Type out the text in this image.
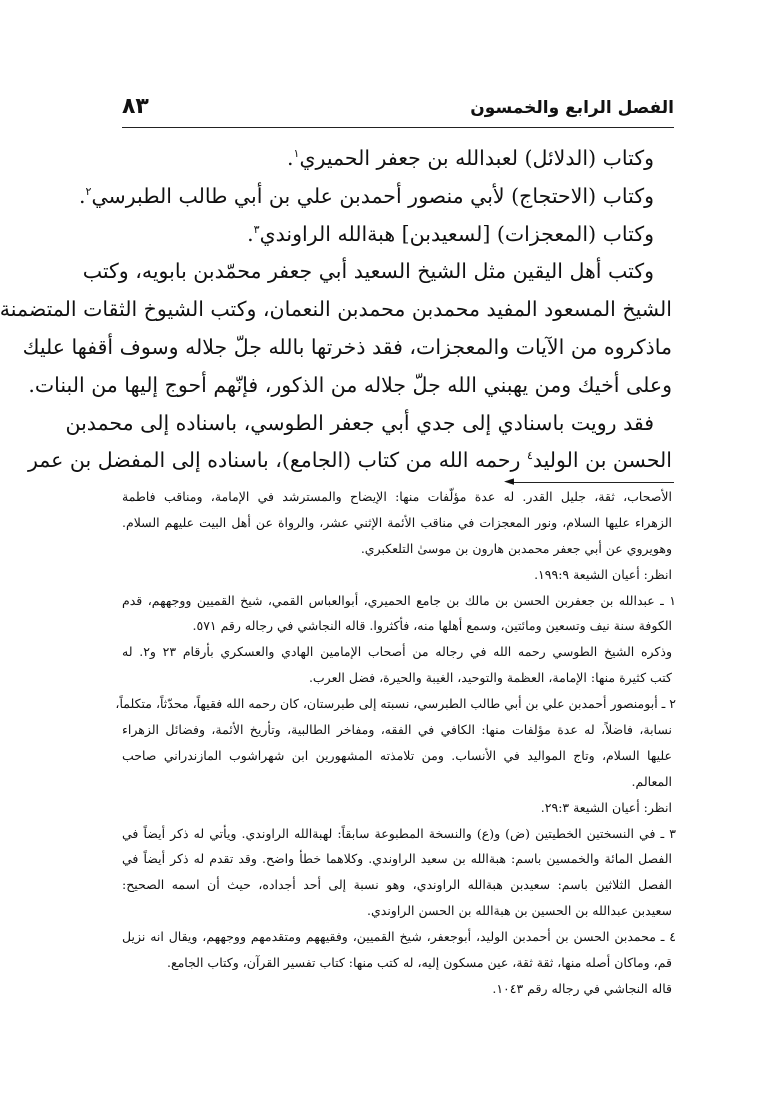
الفصل الرابع والخمسون
٨٣
وكتاب (الدلائل) لعبدالله بن جعفر الحميري$^١$.
وكتاب (الاحتجاج) لأبي منصور أحمدبن علي بن أبي طالب الطبرسي$^٢$.
وكتاب (المعجزات) [لسعيدبن] هبةالله الراوندي$^٣$.
وكتب أهل اليقين مثل الشيخ السعيد أبي جعفر محمّدبن بابويه، وكتب
الشيخ المسعود المفيد محمدبن محمدبن النعمان، وكتب الشيوخ الثقات المتضمنة
ماذكروه من الآيات والمعجزات، فقد ذخرتها بالله جلّ جلاله وسوف أقفها عليك
وعلى أخيك ومن يهبني الله جلّ جلاله من الذكور، فإنّهم أحوج إليها من البنات.
فقد رويت باسنادي إلى جدي أبي جعفر الطوسي، باسناده إلى محمدبن
الحسن بن الوليد$^٤$ رحمه الله من كتاب (الجامع)، باسناده إلى المفضل بن عمر
◄
الأصحاب، ثقة، جليل القدر. له عدة مؤلّفات منها: الإيضاح والمسترشد في الإمامة، ومناقب فاطمة
الزهراء عليها السلام، ونور المعجزات في مناقب الأئمة الإثني عشر، والرواة عن أهل البيت عليهم السلام.
وهويروي عن أبي جعفر محمدبن هارون بن موسىٰ التلعكبري.
انظر: أعيان الشيعة ١٩٩:٩.
١ ـ عبدالله بن جعفربن الحسن بن مالك بن جامع الحميري، أبوالعباس القمي، شيخ القميين ووجههم، قدم
الكوفة سنة نيف وتسعين ومائتين، وسمع أهلها منه، فأكثروا. قاله النجاشي في رجاله رقم ٥٧١.
وذكره الشيخ الطوسي رحمه الله في رجاله من أصحاب الإمامين الهادي والعسكري بأرقام ٢٣ و٢. له
كتب كثيرة منها: الإمامة، العظمة والتوحيد، الغيبة والحيرة، فضل العرب.
٢ ـ أبومنصور أحمدبن علي بن أبي طالب الطبرسي، نسبته إلى طبرستان، كان رحمه الله فقيهاً، محدّثاً، متكلماً،
نسابة، فاضلاً، له عدة مؤلفات منها: الكافي في الفقه، ومفاخر الطالبية، وتأريخ الأئمة، وفضائل الزهراء
عليها السلام، وتاج المواليد في الأنساب. ومن تلامذته المشهورين ابن شهراشوب المازندراني صاحب
المعالم.
انظر: أعيان الشيعة ٢٩:٣.
٣ ـ في النسختين الخطيتين (ض) و(ع) والنسخة المطبوعة سابقاً: لهبةالله الراوندي. ويأتي له ذكر أيضاً في
الفصل المائة والخمسين باسم: هبةالله بن سعيد الراوندي. وكلاهما خطأ واضح. وقد تقدم له ذكر أيضاً في
الفصل الثلاثين باسم: سعيدبن هبةالله الراوندي، وهو نسبة إلى أحد أجداده، حيث أن اسمه الصحيح:
سعيدبن عبدالله بن الحسين بن هبةالله بن الحسن الراوندي.
٤ ـ محمدبن الحسن بن أحمدبن الوليد، أبوجعفر، شيخ القميين، وفقيههم ومتقدمهم ووجههم، ويقال انه نزيل
قم، وماكان أصله منها، ثقة ثقة، عين مسكون إليه، له كتب منها: كتاب تفسير القرآن، وكتاب الجامع.
قاله النجاشي في رجاله رقم ١٠٤٣.
